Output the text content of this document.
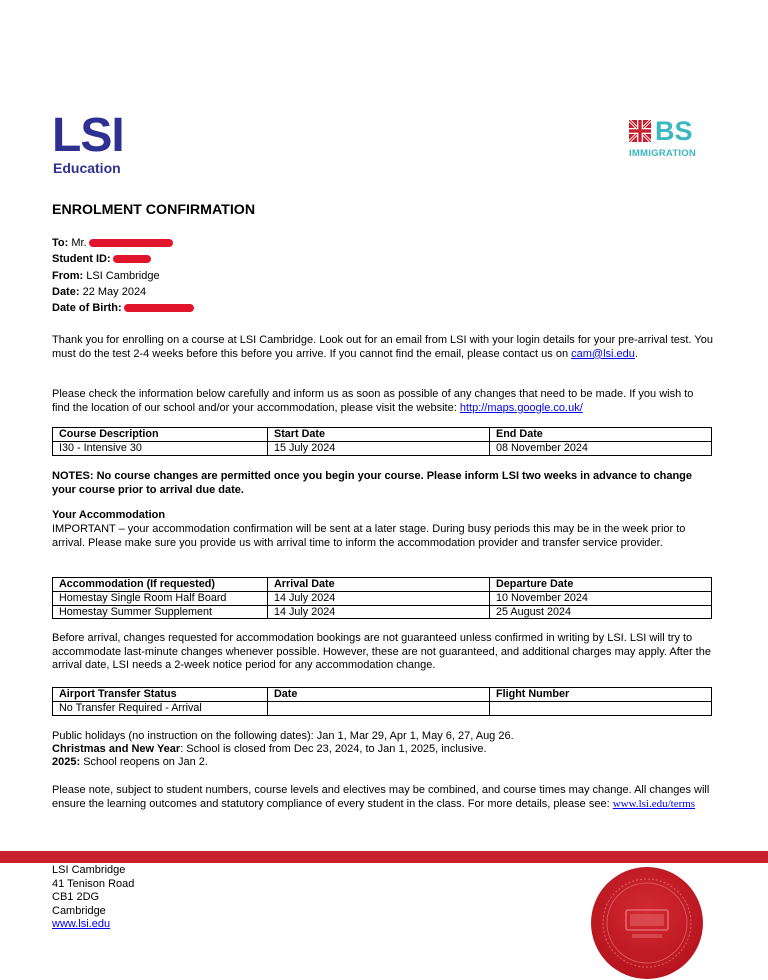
LSI
Education
BS
IMMIGRATION
ENROLMENT CONFIRMATION
To: Mr.
Student ID:
From: LSI Cambridge
Date: 22 May 2024
Date of Birth:
Thank you for enrolling on a course at LSI Cambridge. Look out for an email from LSI with your login details for your pre-arrival test. You must do the test 2-4 weeks before this before you arrive. If you cannot find the email, please contact us on cam@lsi.edu.
Please check the information below carefully and inform us as soon as possible of any changes that need to be made. If you wish to find the location of our school and/or your accommodation, please visit the website: http://maps.google.co.uk/
Course Description	Start Date	End Date
I30 - Intensive 30	15 July 2024	08 November 2024
NOTES: No course changes are permitted once you begin your course. Please inform LSI two weeks in advance to change your course prior to arrival due date.
Your Accommodation
IMPORTANT – your accommodation confirmation will be sent at a later stage. During busy periods this may be in the week prior to arrival. Please make sure you provide us with arrival time to inform the accommodation provider and transfer service provider.
Accommodation (If requested)	Arrival Date	Departure Date
Homestay Single Room Half Board	14 July 2024	10 November 2024
Homestay Summer Supplement	14 July 2024	25 August 2024
Before arrival, changes requested for accommodation bookings are not guaranteed unless confirmed in writing by LSI. LSI will try to accommodate last-minute changes whenever possible. However, these are not guaranteed, and additional charges may apply. After the arrival date, LSI needs a 2-week notice period for any accommodation change.
Airport Transfer Status	Date	Flight Number
No Transfer Required - Arrival		
Public holidays (no instruction on the following dates): Jan 1, Mar 29, Apr 1, May 6, 27, Aug 26.
Christmas and New Year: School is closed from Dec 23, 2024, to Jan 1, 2025, inclusive.
2025: School reopens on Jan 2.
Please note, subject to student numbers, course levels and electives may be combined, and course times may change. All changes will ensure the learning outcomes and statutory compliance of every student in the class. For more details, please see: www.lsi.edu/terms
LSI Cambridge
41 Tenison Road
CB1 2DG
Cambridge
www.lsi.edu
